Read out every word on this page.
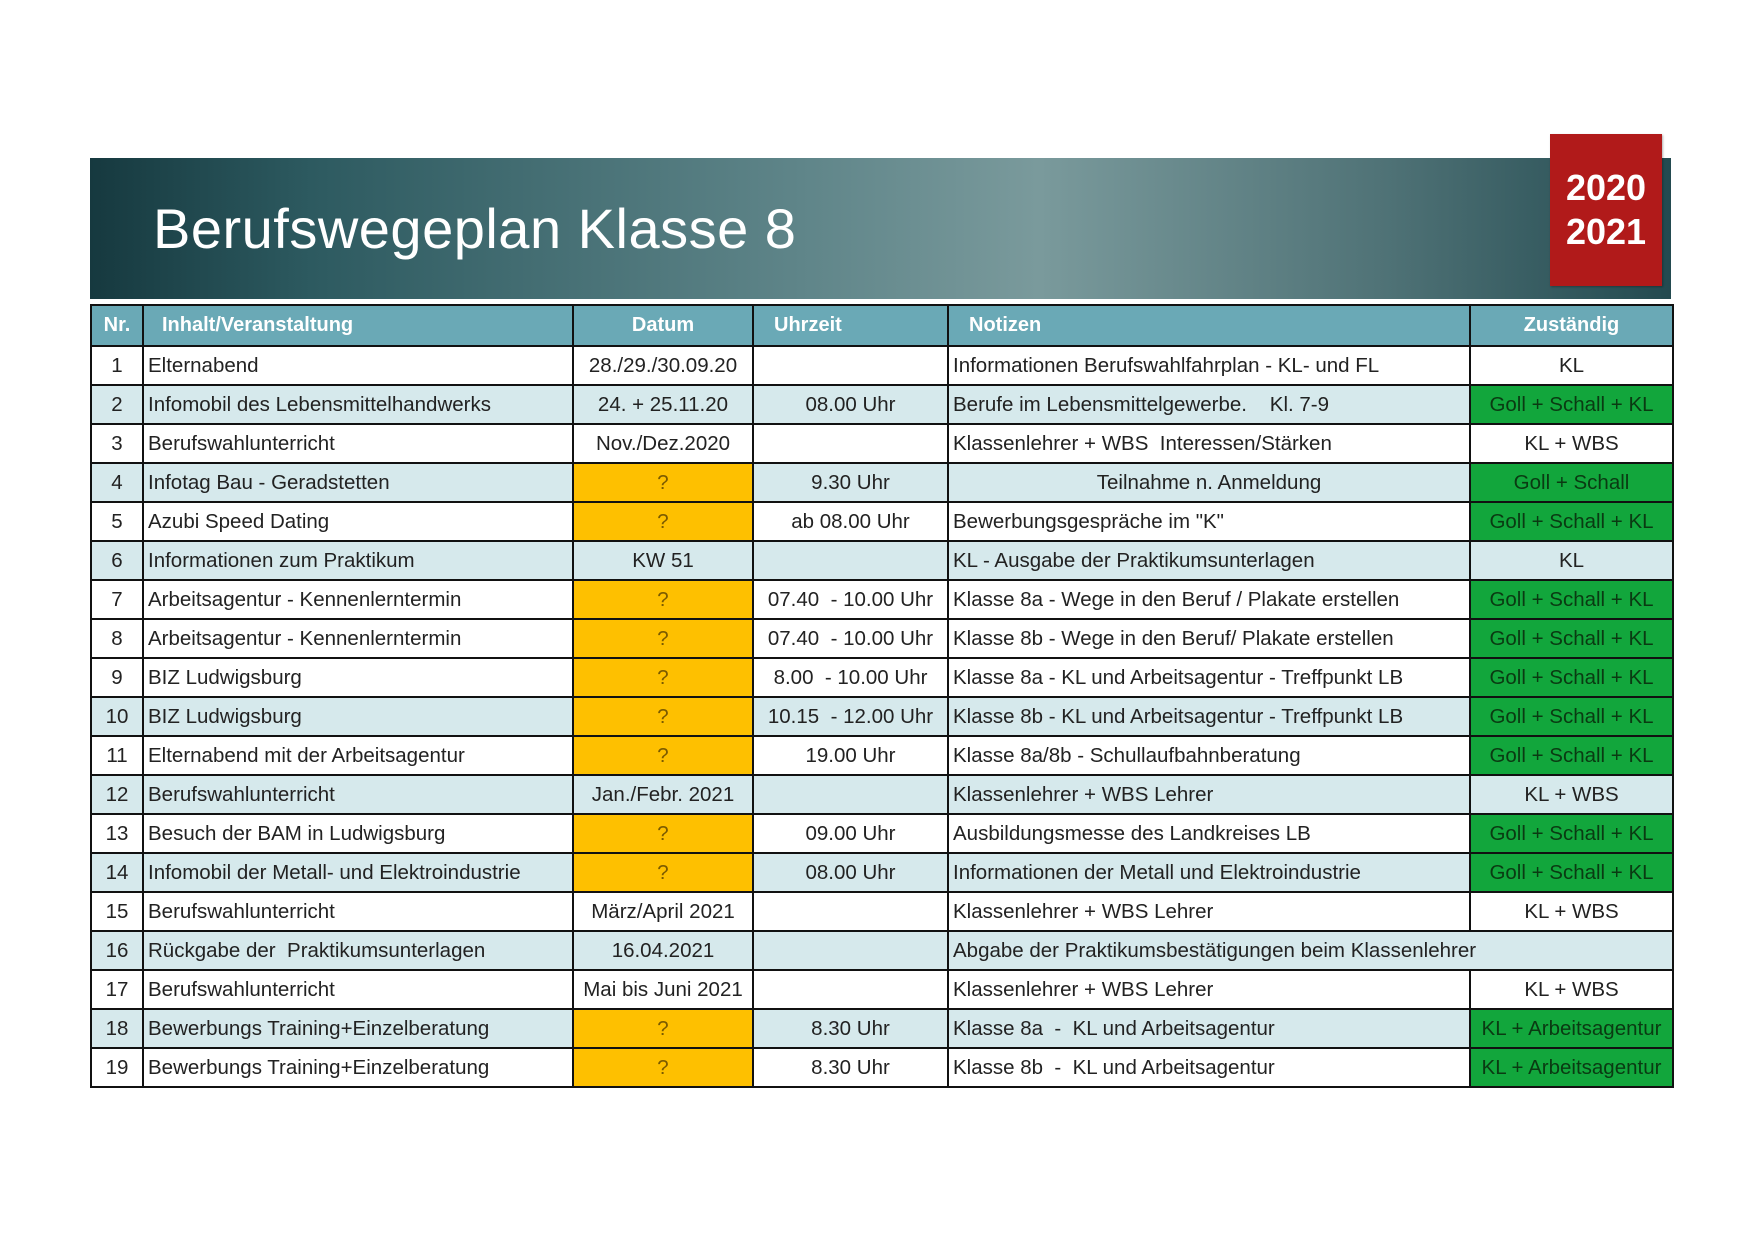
Berufswegeplan Klasse 8
2020
2021
Nr.	Inhalt/Veranstaltung	Datum	Uhrzeit	Notizen	Zuständig
1	Elternabend	28./29./30.09.20		Informationen Berufswahlfahrplan - KL- und FL	KL
2	Infomobil des Lebensmittelhandwerks	24. + 25.11.20	08.00 Uhr	Berufe im Lebensmittelgewerbe.    Kl. 7-9	Goll + Schall + KL
3	Berufswahlunterricht	Nov./Dez.2020		Klassenlehrer + WBS  Interessen/Stärken	KL + WBS
4	Infotag Bau - Geradstetten	?	9.30 Uhr	Teilnahme n. Anmeldung	Goll + Schall
5	Azubi Speed Dating	?	ab 08.00 Uhr	Bewerbungsgespräche im "K"	Goll + Schall + KL
6	Informationen zum Praktikum	KW 51		KL - Ausgabe der Praktikumsunterlagen	KL
7	Arbeitsagentur - Kennenlerntermin	?	07.40  - 10.00 Uhr	Klasse 8a - Wege in den Beruf / Plakate erstellen	Goll + Schall + KL
8	Arbeitsagentur - Kennenlerntermin	?	07.40  - 10.00 Uhr	Klasse 8b - Wege in den Beruf/ Plakate erstellen	Goll + Schall + KL
9	BIZ Ludwigsburg	?	8.00  - 10.00 Uhr	Klasse 8a - KL und Arbeitsagentur - Treffpunkt LB	Goll + Schall + KL
10	BIZ Ludwigsburg	?	10.15  - 12.00 Uhr	Klasse 8b - KL und Arbeitsagentur - Treffpunkt LB	Goll + Schall + KL
11	Elternabend mit der Arbeitsagentur	?	19.00 Uhr	Klasse 8a/8b - Schullaufbahnberatung	Goll + Schall + KL
12	Berufswahlunterricht	Jan./Febr. 2021		Klassenlehrer + WBS Lehrer	KL + WBS
13	Besuch der BAM in Ludwigsburg	?	09.00 Uhr	Ausbildungsmesse des Landkreises LB	Goll + Schall + KL
14	Infomobil der Metall- und Elektroindustrie	?	08.00 Uhr	Informationen der Metall und Elektroindustrie	Goll + Schall + KL
15	Berufswahlunterricht	März/April 2021		Klassenlehrer + WBS Lehrer	KL + WBS
16	Rückgabe der  Praktikumsunterlagen	16.04.2021		Abgabe der Praktikumsbestätigungen beim Klassenlehrer	
17	Berufswahlunterricht	Mai bis Juni 2021		Klassenlehrer + WBS Lehrer	KL + WBS
18	Bewerbungs Training+Einzelberatung	?	8.30 Uhr	Klasse 8a  -  KL und Arbeitsagentur	KL + Arbeitsagentur
19	Bewerbungs Training+Einzelberatung	?	8.30 Uhr	Klasse 8b  -  KL und Arbeitsagentur	KL + Arbeitsagentur
